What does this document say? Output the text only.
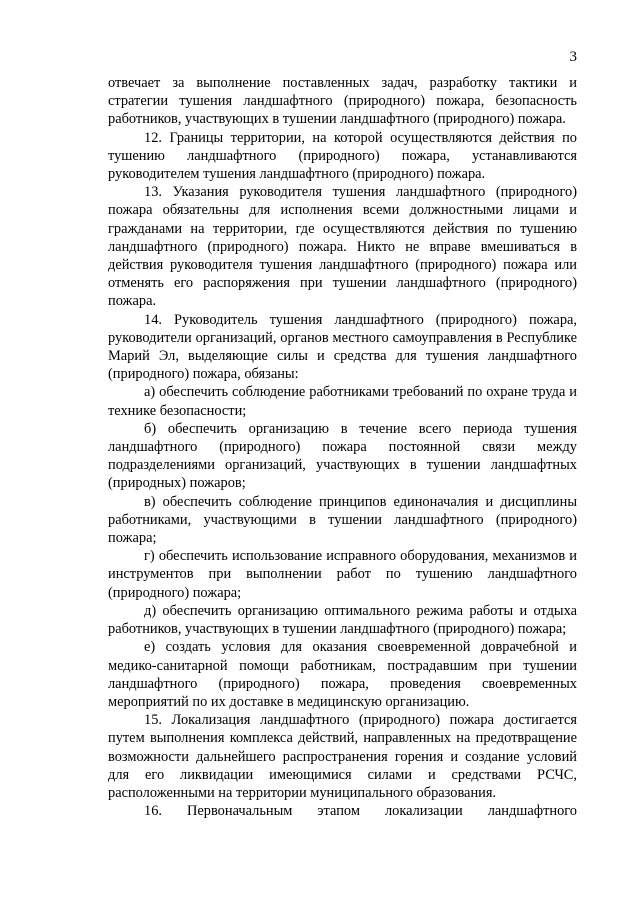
3

отвечает за выполнение поставленных задач, разработку тактики и стратегии тушения ландшафтного (природного) пожара, безопасность работников, участвующих в тушении ландшафтного (природного) пожара.

12. Границы территории, на которой осуществляются действия по тушению ландшафтного (природного) пожара, устанавливаются руководителем тушения ландшафтного (природного) пожара.

13. Указания руководителя тушения ландшафтного (природного) пожара обязательны для исполнения всеми должностными лицами и гражданами на территории, где осуществляются действия по тушению ландшафтного (природного) пожара. Никто не вправе вмешиваться в действия руководителя тушения ландшафтного (природного) пожара или отменять его распоряжения при тушении ландшафтного (природного) пожара.

14. Руководитель тушения ландшафтного (природного) пожара, руководители организаций, органов местного самоуправления в Республике Марий Эл, выделяющие силы и средства для тушения ландшафтного (природного) пожара, обязаны:

а) обеспечить соблюдение работниками требований по охране труда и технике безопасности;

б) обеспечить организацию в течение всего периода тушения ландшафтного (природного) пожара постоянной связи между подразделениями организаций, участвующих в тушении ландшафтных (природных) пожаров;

в) обеспечить соблюдение принципов единоначалия и дисциплины работниками, участвующими в тушении ландшафтного (природного) пожара;

г) обеспечить использование исправного оборудования, механизмов и инструментов при выполнении работ по тушению ландшафтного (природного) пожара;

д) обеспечить организацию оптимального режима работы и отдыха работников, участвующих в тушении ландшафтного (природного) пожара;

е) создать условия для оказания своевременной доврачебной и медико-санитарной помощи работникам, пострадавшим при тушении ландшафтного (природного) пожара, проведения своевременных мероприятий по их доставке в медицинскую организацию.

15. Локализация ландшафтного (природного) пожара достигается путем выполнения комплекса действий, направленных на предотвращение возможности дальнейшего распространения горения и создание условий для его ликвидации имеющимися силами и средствами РСЧС, расположенными на территории муниципального образования.

16. Первоначальным этапом локализации ландшафтного
